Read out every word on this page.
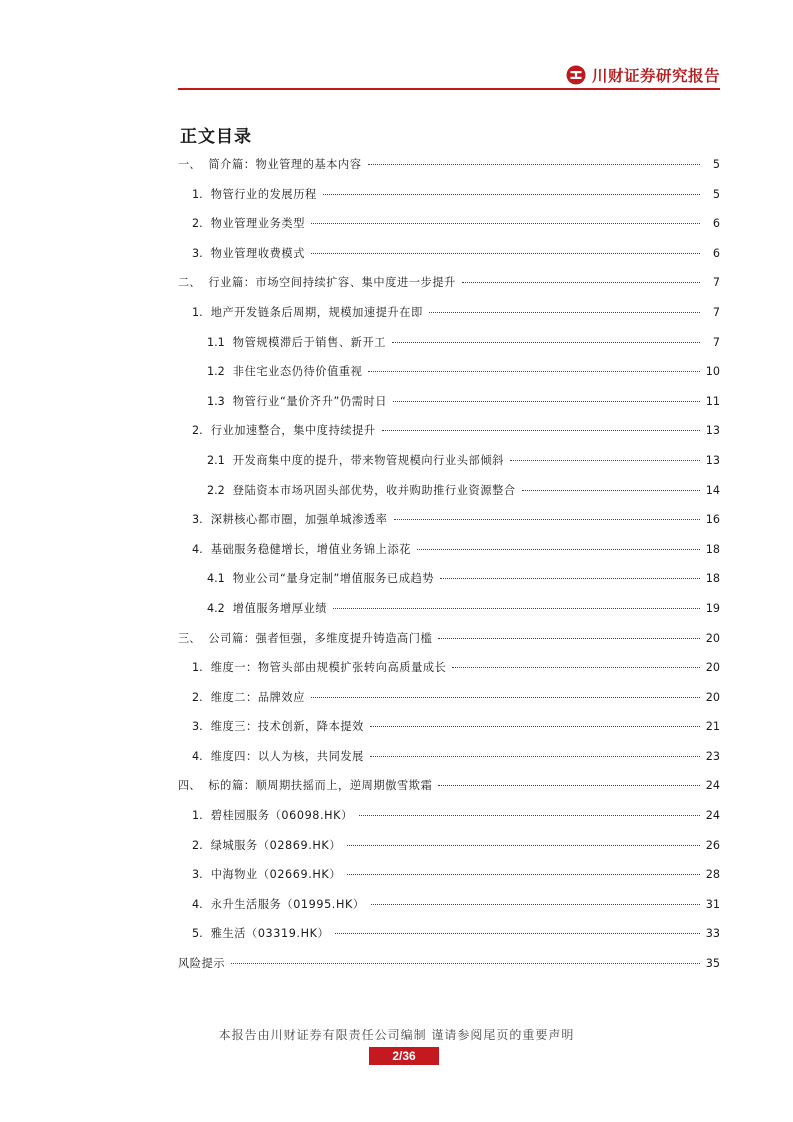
川财证券研究报告
正文目录
一、 简介篇：物业管理的基本内容	5
1. 物管行业的发展历程	5
2. 物业管理业务类型	6
3. 物业管理收费模式	6
二、 行业篇：市场空间持续扩容、集中度进一步提升	7
1. 地产开发链条后周期，规模加速提升在即	7
1.1 物管规模滞后于销售、新开工	7
1.2 非住宅业态仍待价值重视	10
1.3 物管行业“量价齐升”仍需时日	11
2. 行业加速整合，集中度持续提升	13
2.1 开发商集中度的提升，带来物管规模向行业头部倾斜	13
2.2 登陆资本市场巩固头部优势，收并购助推行业资源整合	14
3. 深耕核心都市圈，加强单城渗透率	16
4. 基础服务稳健增长，增值业务锦上添花	18
4.1 物业公司“量身定制”增值服务已成趋势	18
4.2 增值服务增厚业绩	19
三、 公司篇：强者恒强，多维度提升铸造高门槛	20
1. 维度一：物管头部由规模扩张转向高质量成长	20
2. 维度二：品牌效应	20
3. 维度三：技术创新，降本提效	21
4. 维度四：以人为核，共同发展	23
四、 标的篇：顺周期扶摇而上，逆周期傲雪欺霜	24
1. 碧桂园服务（06098.HK）	24
2. 绿城服务（02869.HK）	26
3. 中海物业（02669.HK）	28
4. 永升生活服务（01995.HK）	31
5. 雅生活（03319.HK）	33
风险提示	35
本报告由川财证券有限责任公司编制 谨请参阅尾页的重要声明
2/36
